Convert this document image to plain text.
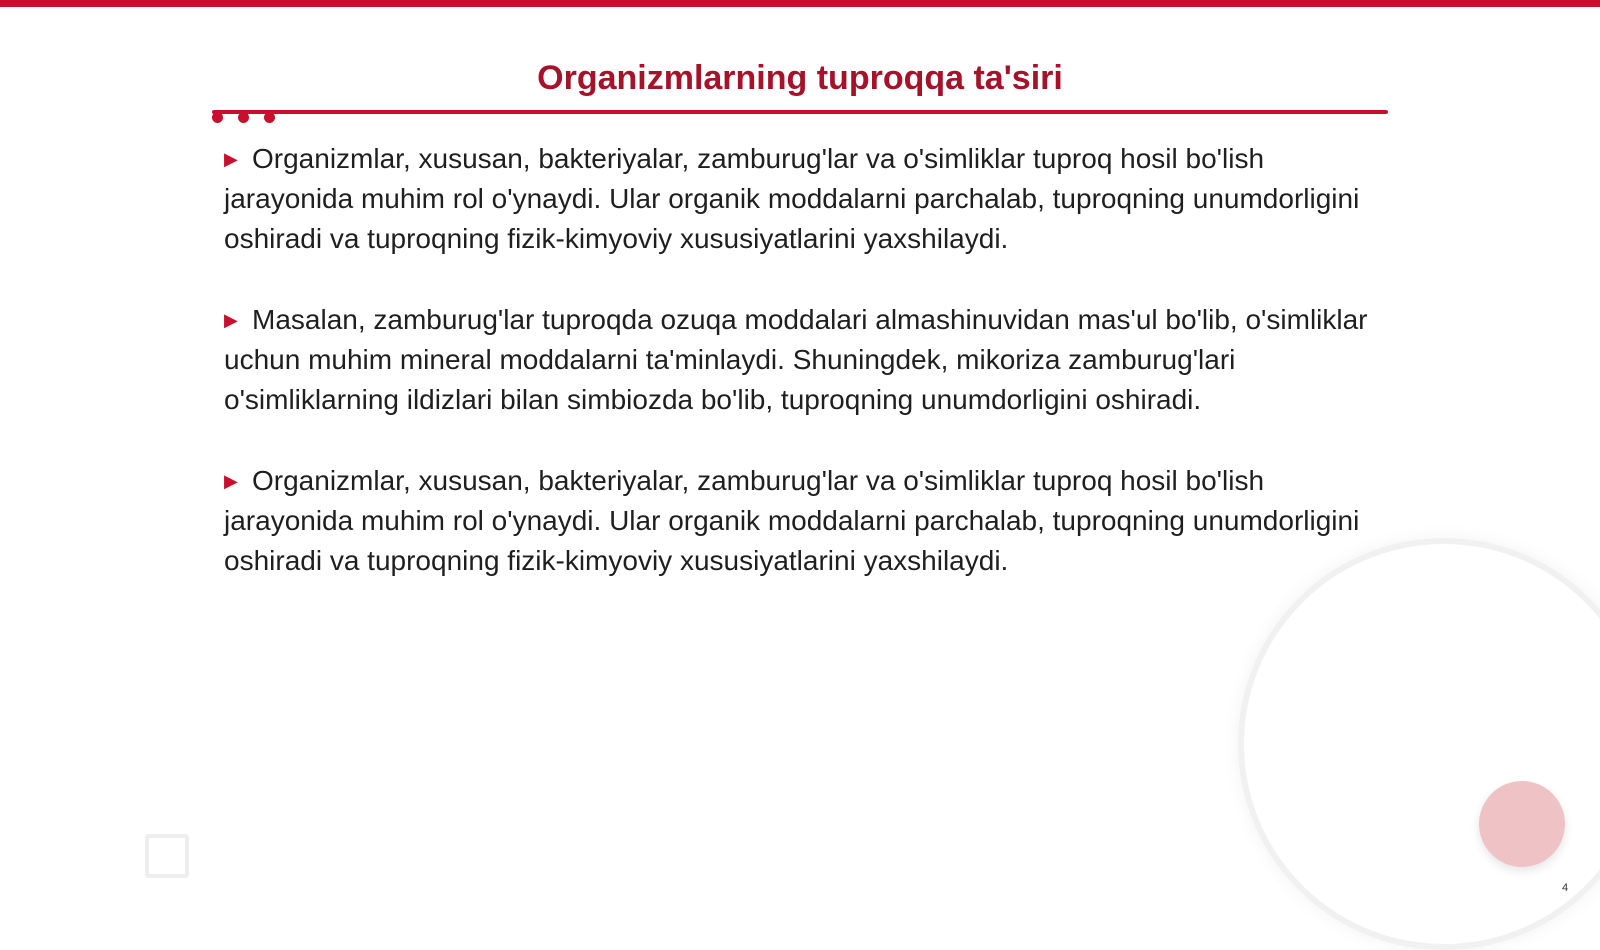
Organizmlarning tuproqqa ta'siri
▶ Organizmlar, xususan, bakteriyalar, zamburug'lar va o'simliklar tuproq hosil bo'lish jarayonida muhim rol o'ynaydi. Ular organik moddalarni parchalab, tuproqning unumdorligini oshiradi va tuproqning fizik-kimyoviy xususiyatlarini yaxshilaydi.
▶ Masalan, zamburug'lar tuproqda ozuqa moddalari almashinuvidan mas'ul bo'lib, o'simliklar uchun muhim mineral moddalarni ta'minlaydi. Shuningdek, mikoriza zamburug'lari o'simliklarning ildizlari bilan simbiozda bo'lib, tuproqning unumdorligini oshiradi.
▶ Organizmlar, xususan, bakteriyalar, zamburug'lar va o'simliklar tuproq hosil bo'lish jarayonida muhim rol o'ynaydi. Ular organik moddalarni parchalab, tuproqning unumdorligini oshiradi va tuproqning fizik-kimyoviy xususiyatlarini yaxshilaydi.
4
